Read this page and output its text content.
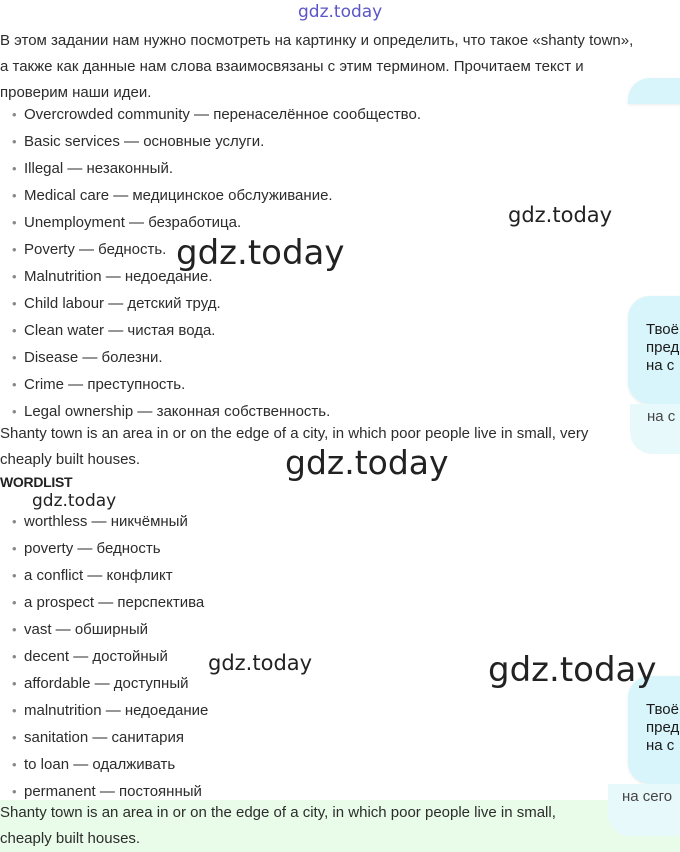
gdz.today

В этом задании нам нужно посмотреть на картинку и определить, что такое «shanty town», а также как данные нам слова взаимосвязаны с этим термином. Прочитаем текст и проверим наши идеи.

• Overcrowded community — перенаселённое сообщество.
• Basic services — основные услуги.
• Illegal — незаконный.
• Medical care — медицинское обслуживание.
• Unemployment — безработица.
• Poverty — бедность.
• Malnutrition — недоедание.
• Child labour — детский труд.
• Clean water — чистая вода.
• Disease — болезни.
• Crime — преступность.
• Legal ownership — законная собственность.

Shanty town is an area in or on the edge of a city, in which poor people live in small, very cheaply built houses.

WORDLIST
• worthless — никчёмный
• poverty — бедность
• a conflict — конфликт
• a prospect — перспектива
• vast — обширный
• decent — достойный
• affordable — доступный
• malnutrition — недоедание
• sanitation — санитария
• to loan — одалживать
• permanent — постоянный
Shanty town is an area in or on the edge of a city, in which poor people live in small, cheaply built houses.
Твоё
пред
на с
на с
Твоё
пред
на с
на сего
gdz.today
gdz.today
gdz.today
gdz.today
gdz.today	gdz.today
